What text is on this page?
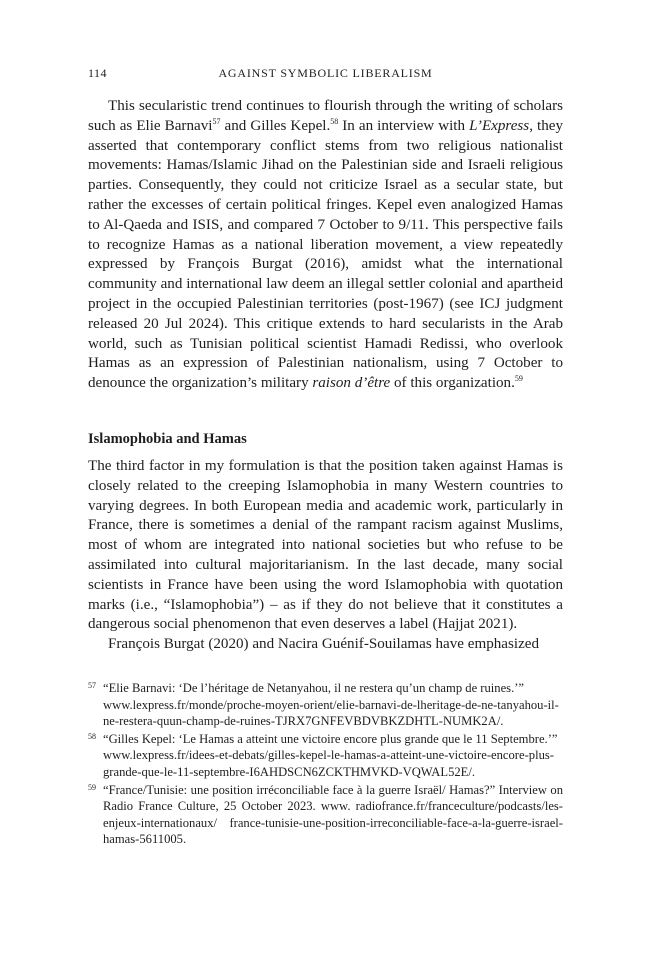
114	AGAINST SYMBOLIC LIBERALISM

This secularistic trend continues to flourish through the writing of scholars such as Elie Barnavi$^{57}$ and Gilles Kepel.$^{58}$ In an interview with L’Express, they asserted that contemporary conflict stems from two religious nationalist movements: Hamas/Islamic Jihad on the Palestinian side and Israeli religious parties. Consequently, they could not criticize Israel as a secular state, but rather the excesses of certain political fringes. Kepel even analogized Hamas to Al-Qaeda and ISIS, and compared 7 October to 9/11. This perspective fails to recognize Hamas as a national liberation movement, a view repeatedly expressed by François Burgat (2016), amidst what the international community and international law deem an illegal settler colonial and apartheid project in the occupied Palestinian territories (post-1967) (see ICJ judgment released 20 Jul 2024). This critique extends to hard secularists in the Arab world, such as Tunisian political scientist Hamadi Redissi, who overlook Hamas as an expression of Palestinian nationalism, using 7 October to denounce the organization’s military raison d’être of this organization.$^{59}$

Islamophobia and Hamas

The third factor in my formulation is that the position taken against Hamas is closely related to the creeping Islamophobia in many Western countries to varying degrees. In both European media and academic work, particularly in France, there is sometimes a denial of the rampant racism against Muslims, most of whom are integrated into national societies but who refuse to be assimilated into cultural majoritarianism. In the last decade, many social scientists in France have been using the word Islamophobia with quotation marks (i.e., “Islamophobia”) – as if they do not believe that it constitutes a dangerous social phenomenon that even deserves a label (Hajjat 2021).

François Burgat (2020) and Nacira Guénif-Souilamas have emphasized

57 “Elie Barnavi: ‘De l’héritage de Netanyahou, il ne restera qu’un champ de ruines.’” www.lexpress.fr/monde/proche-moyen-orient/elie-barnavi-de-lheritage-de-ne-tanyahou-il-ne-restera-quun-champ-de-ruines-TJRX7GNFEVBDVBKZDHTL-NUMK2A/.
58 “Gilles Kepel: ‘Le Hamas a atteint une victoire encore plus grande que le 11 Septembre.’” www.lexpress.fr/idees-et-debats/gilles-kepel-le-hamas-a-atteint-une-victoire-encore-plus-grande-que-le-11-septembre-I6AHDSCN6ZCKTHMVKD-VQWAL52E/.
59 “France/Tunisie: une position irréconciliable face à la guerre Israël/ Hamas?” Interview on Radio France Culture, 25 October 2023. www. radiofrance.fr/franceculture/podcasts/les-enjeux-internationaux/ france-tunisie-une-position-irreconciliable-face-a-la-guerre-israel-hamas-5611005.
